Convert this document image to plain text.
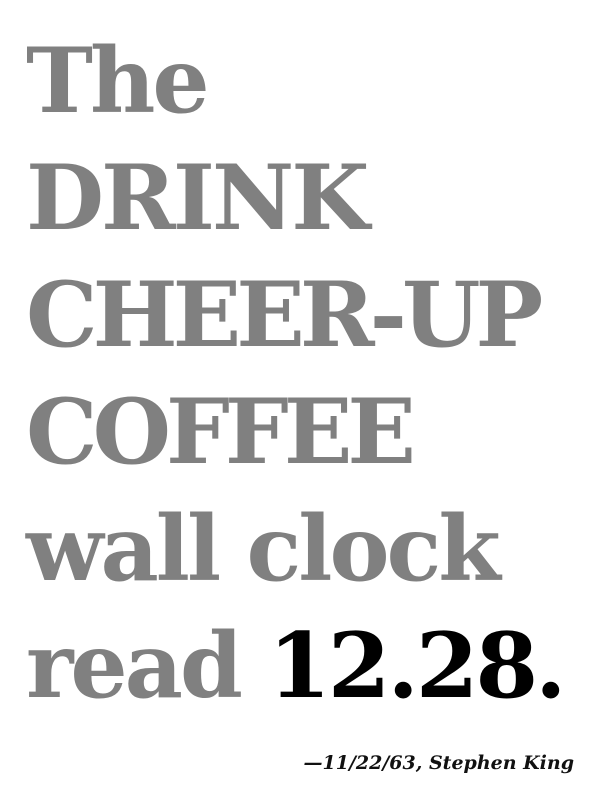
The
DRINK
CHEER-UP
COFFEE
wall clock
read 12.28.

—11/22/63, Stephen King
